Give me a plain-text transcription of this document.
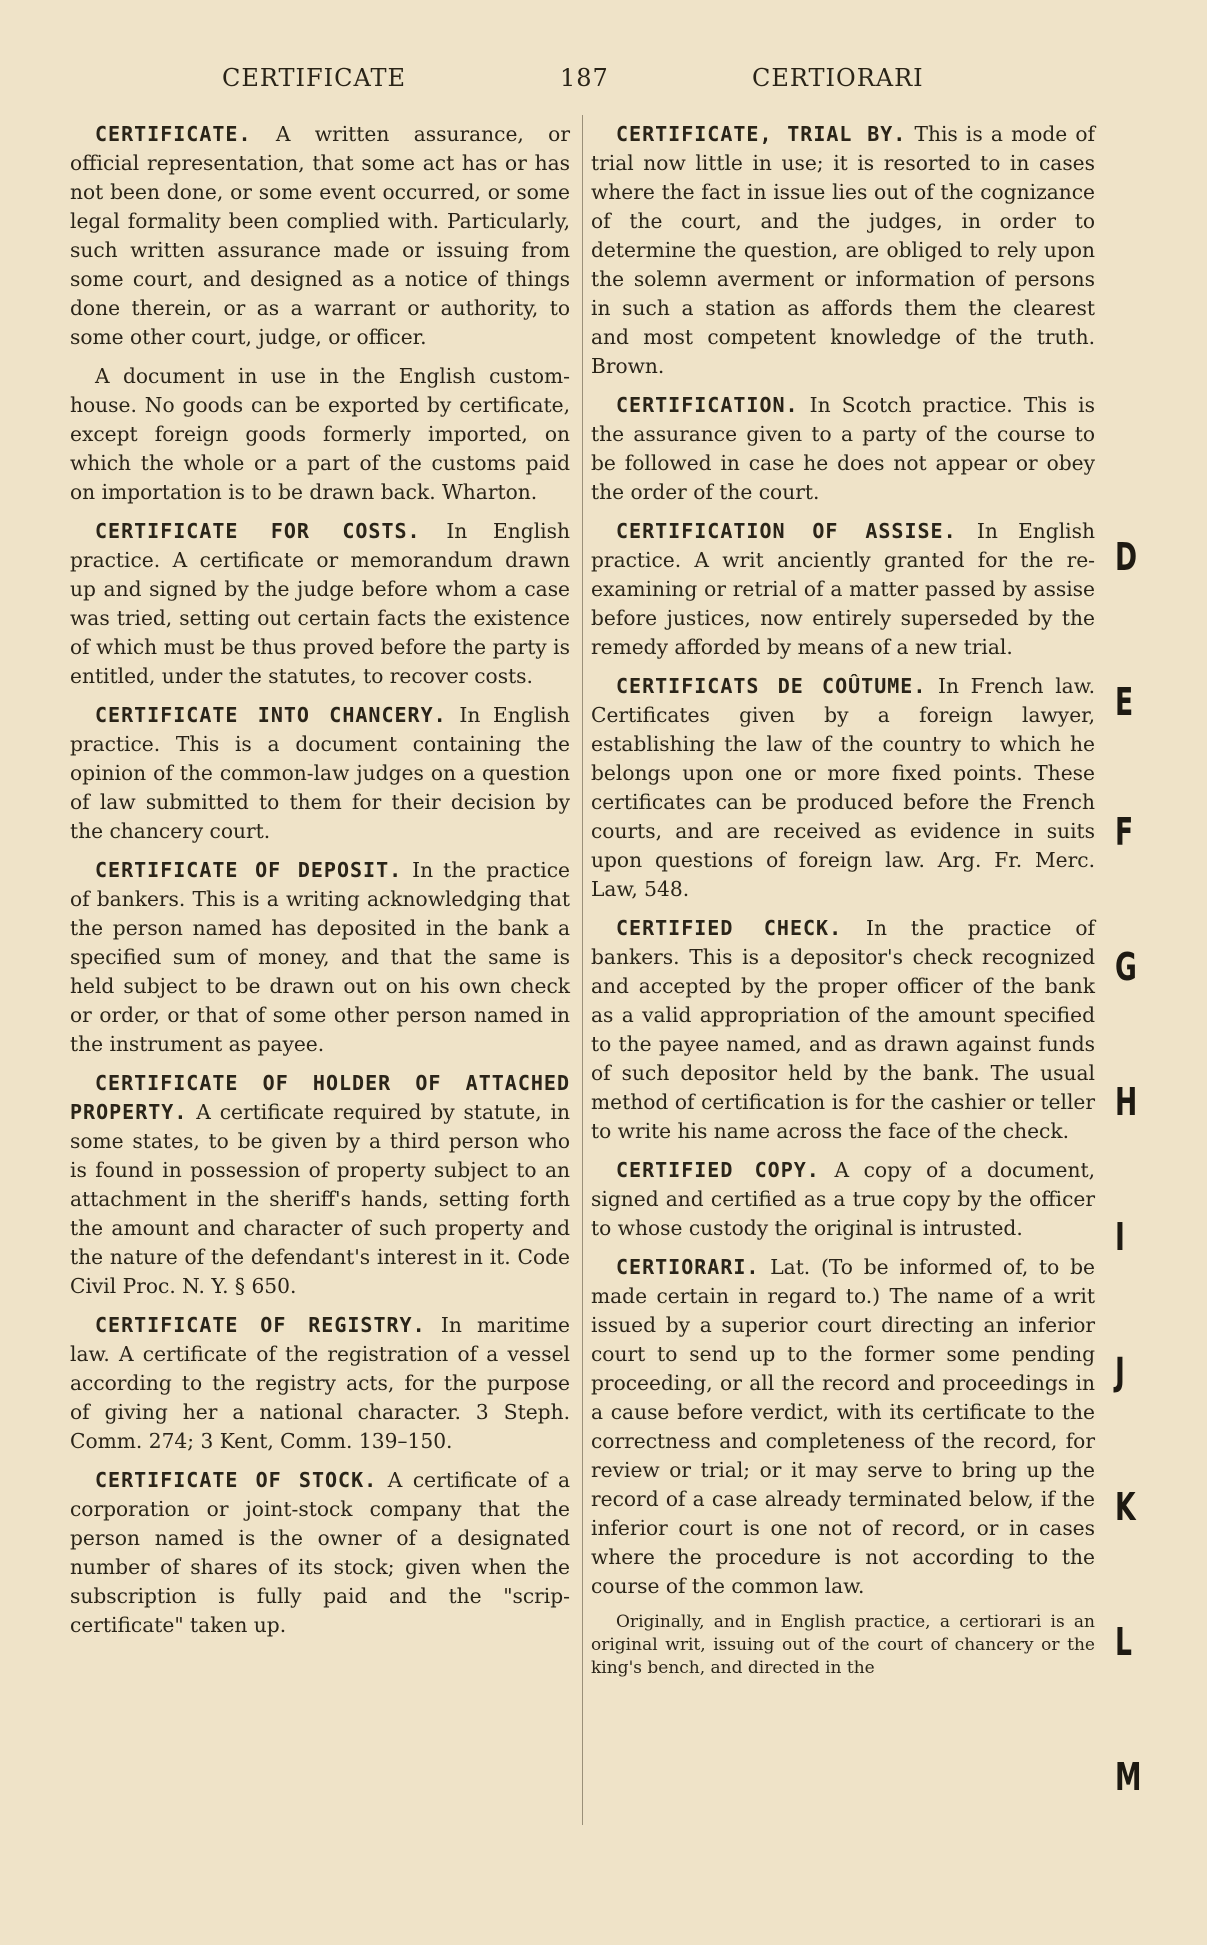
CERTIFICATE	187	CERTIORARI

CERTIFICATE. A written assurance, or official representation, that some act has or has not been done, or some event occurred, or some legal formality been complied with. Particularly, such written assurance made or issuing from some court, and designed as a notice of things done therein, or as a warrant or authority, to some other court, judge, or officer.

A document in use in the English custom-house. No goods can be exported by certificate, except foreign goods formerly imported, on which the whole or a part of the customs paid on importation is to be drawn back. Wharton.

CERTIFICATE FOR COSTS. In English practice. A certificate or memorandum drawn up and signed by the judge before whom a case was tried, setting out certain facts the existence of which must be thus proved before the party is entitled, under the statutes, to recover costs.

CERTIFICATE INTO CHANCERY. In English practice. This is a document containing the opinion of the common-law judges on a question of law submitted to them for their decision by the chancery court.

CERTIFICATE OF DEPOSIT. In the practice of bankers. This is a writing acknowledging that the person named has deposited in the bank a specified sum of money, and that the same is held subject to be drawn out on his own check or order, or that of some other person named in the instrument as payee.

CERTIFICATE OF HOLDER OF ATTACHED PROPERTY. A certificate required by statute, in some states, to be given by a third person who is found in possession of property subject to an attachment in the sheriff's hands, setting forth the amount and character of such property and the nature of the defendant's interest in it. Code Civil Proc. N. Y. § 650.

CERTIFICATE OF REGISTRY. In maritime law. A certificate of the registration of a vessel according to the registry acts, for the purpose of giving her a national character. 3 Steph. Comm. 274; 3 Kent, Comm. 139–150.

CERTIFICATE OF STOCK. A certificate of a corporation or joint-stock company that the person named is the owner of a designated number of shares of its stock; given when the subscription is fully paid and the "scrip-certificate" taken up.

CERTIFICATE, TRIAL BY. This is a mode of trial now little in use; it is resorted to in cases where the fact in issue lies out of the cognizance of the court, and the judges, in order to determine the question, are obliged to rely upon the solemn averment or information of persons in such a station as affords them the clearest and most competent knowledge of the truth. Brown.

CERTIFICATION. In Scotch practice. This is the assurance given to a party of the course to be followed in case he does not appear or obey the order of the court.

CERTIFICATION OF ASSISE. In English practice. A writ anciently granted for the re-examining or retrial of a matter passed by assise before justices, now entirely superseded by the remedy afforded by means of a new trial.

CERTIFICATS DE COÛTUME. In French law. Certificates given by a foreign lawyer, establishing the law of the country to which he belongs upon one or more fixed points. These certificates can be produced before the French courts, and are received as evidence in suits upon questions of foreign law. Arg. Fr. Merc. Law, 548.

CERTIFIED CHECK. In the practice of bankers. This is a depositor's check recognized and accepted by the proper officer of the bank as a valid appropriation of the amount specified to the payee named, and as drawn against funds of such depositor held by the bank. The usual method of certification is for the cashier or teller to write his name across the face of the check.

CERTIFIED COPY. A copy of a document, signed and certified as a true copy by the officer to whose custody the original is intrusted.

CERTIORARI. Lat. (To be informed of, to be made certain in regard to.) The name of a writ issued by a superior court directing an inferior court to send up to the former some pending proceeding, or all the record and proceedings in a cause before verdict, with its certificate to the correctness and completeness of the record, for review or trial; or it may serve to bring up the record of a case already terminated below, if the inferior court is one not of record, or in cases where the procedure is not according to the course of the common law.

Originally, and in English practice, a certiorari is an original writ, issuing out of the court of chancery or the king's bench, and directed in the

D
E
F
G
H
I
J
K
L
M
